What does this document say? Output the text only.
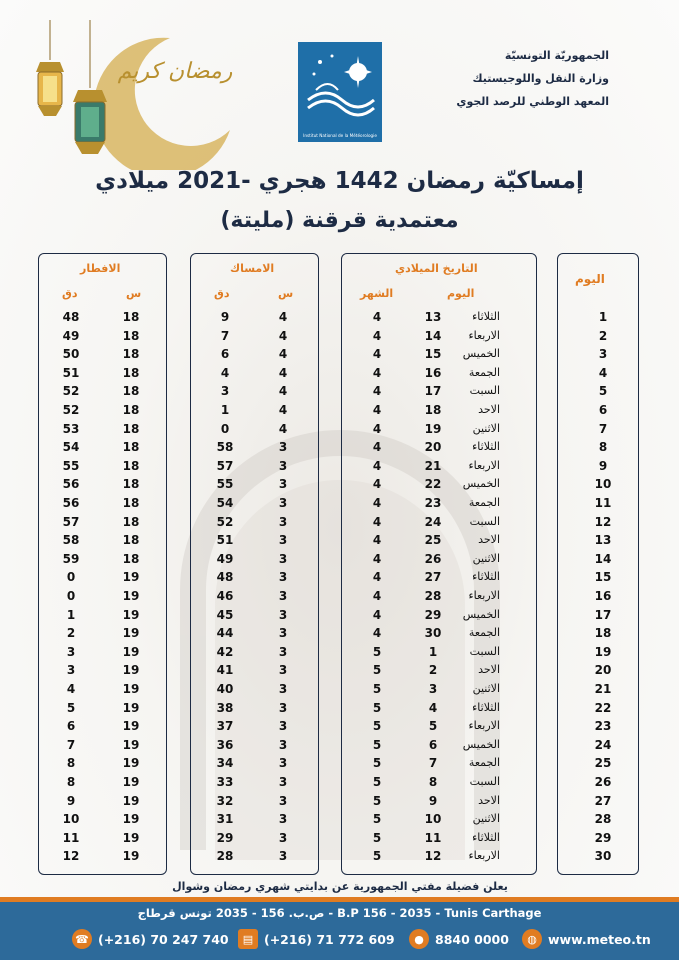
رمضان كريم
Institut National de la Météorologie
الجمهوريّة التونسيّة
وزارة النقل واللوجيستيك
المعهد الوطني للرصد الجوي
إمساكيّة رمضان 1442 هجري -2021 ميلادي
معتمدية قرقنة (مليتة)
اليوم
التاريخ الميلادي
اليوم
الشهر
الامساك
س
دق
الافطار
س
دق
1
الثلاثاء
13
4
4
9
18
48
2
الاربعاء
14
4
4
7
18
49
3
الخميس
15
4
4
6
18
50
4
الجمعة
16
4
4
4
18
51
5
السبت
17
4
4
3
18
52
6
الاحد
18
4
4
1
18
52
7
الاثنين
19
4
4
0
18
53
8
الثلاثاء
20
4
3
58
18
54
9
الاربعاء
21
4
3
57
18
55
10
الخميس
22
4
3
55
18
56
11
الجمعة
23
4
3
54
18
56
12
السبت
24
4
3
52
18
57
13
الاحد
25
4
3
51
18
58
14
الاثنين
26
4
3
49
18
59
15
الثلاثاء
27
4
3
48
19
0
16
الاربعاء
28
4
3
46
19
0
17
الخميس
29
4
3
45
19
1
18
الجمعة
30
4
3
44
19
2
19
السبت
1
5
3
42
19
3
20
الاحد
2
5
3
41
19
3
21
الاثنين
3
5
3
40
19
4
22
الثلاثاء
4
5
3
38
19
5
23
الاربعاء
5
5
3
37
19
6
24
الخميس
6
5
3
36
19
7
25
الجمعة
7
5
3
34
19
8
26
السبت
8
5
3
33
19
8
27
الاحد
9
5
3
32
19
9
28
الاثنين
10
5
3
31
19
10
29
الثلاثاء
11
5
3
29
19
11
30
الاربعاء
12
5
3
28
19
12
يعلن فضيلة مفتي الجمهورية عن بدايتي شهري رمضان وشوال
ص.ب. 156 - 2035 تونس قرطاج - B.P 156 - 2035 - Tunis Carthage
◍ www.meteo.tn
● 8840 0000
▤ (+216) 71 772 609
☎ (+216) 70 247 740
